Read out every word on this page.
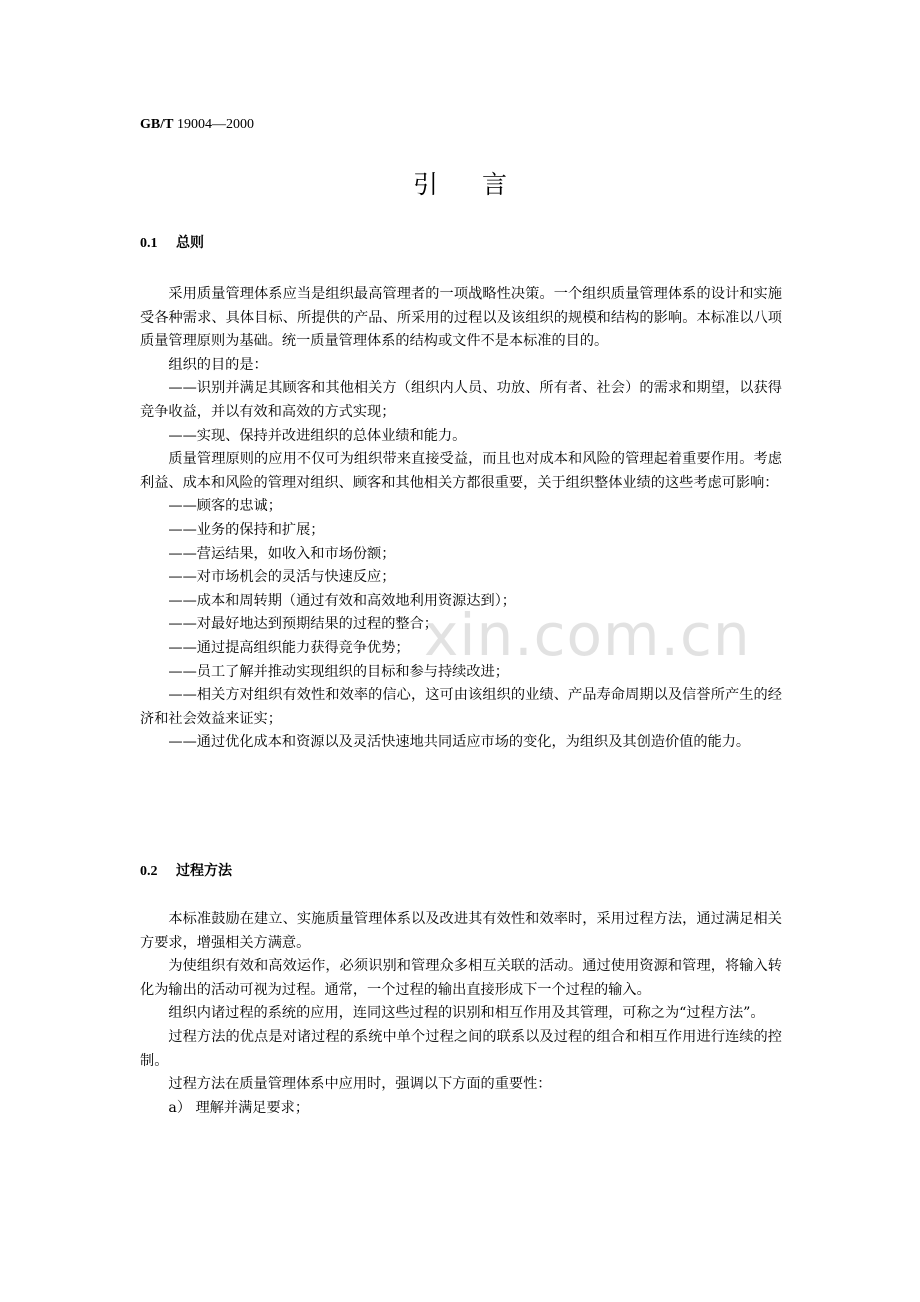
GB/T 19004—2000
引言
0.1 总则

采用质量管理体系应当是组织最高管理者的一项战略性决策。一个组织质量管理体系的设计和实施受各种需求、具体目标、所提供的产品、所采用的过程以及该组织的规模和结构的影响。本标准以八项质量管理原则为基础。统一质量管理体系的结构或文件不是本标准的目的。

组织的目的是：

——识别并满足其顾客和其他相关方（组织内人员、功放、所有者、社会）的需求和期望，以获得竞争收益，并以有效和高效的方式实现；

——实现、保持并改进组织的总体业绩和能力。

质量管理原则的应用不仅可为组织带来直接受益，而且也对成本和风险的管理起着重要作用。考虑利益、成本和风险的管理对组织、顾客和其他相关方都很重要，关于组织整体业绩的这些考虑可影响：

——顾客的忠诚；

——业务的保持和扩展；

——营运结果，如收入和市场份额；

——对市场机会的灵活与快速反应；

——成本和周转期（通过有效和高效地利用资源达到）；

——对最好地达到预期结果的过程的整合；

——通过提高组织能力获得竞争优势；

——员工了解并推动实现组织的目标和参与持续改进；

——相关方对组织有效性和效率的信心，这可由该组织的业绩、产品寿命周期以及信誉所产生的经济和社会效益来证实；

——通过优化成本和资源以及灵活快速地共同适应市场的变化，为组织及其创造价值的能力。

0.2 过程方法

本标准鼓励在建立、实施质量管理体系以及改进其有效性和效率时，采用过程方法，通过满足相关方要求，增强相关方满意。

为使组织有效和高效运作，必须识别和管理众多相互关联的活动。通过使用资源和管理，将输入转化为输出的活动可视为过程。通常，一个过程的输出直接形成下一个过程的输入。

组织内诸过程的系统的应用，连同这些过程的识别和相互作用及其管理，可称之为“过程方法”。

过程方法的优点是对诸过程的系统中单个过程之间的联系以及过程的组合和相互作用进行连续的控制。

过程方法在质量管理体系中应用时，强调以下方面的重要性：

a） 理解并满足要求；

xin.com.cn
